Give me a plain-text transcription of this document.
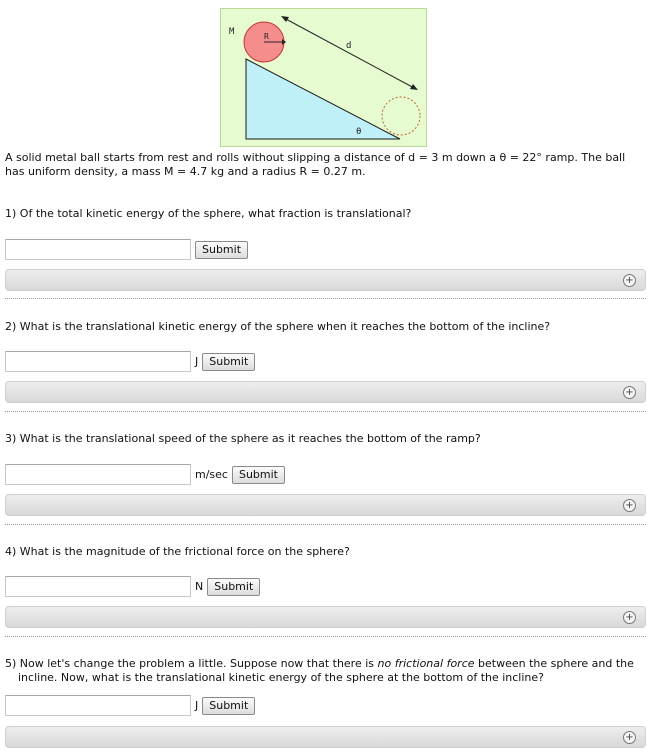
M	R
d
θ
A solid metal ball starts from rest and rolls without slipping a distance of d = 3 m down a θ = 22° ramp. The ball has uniform density, a mass M = 4.7 kg and a radius R = 0.27 m.
1) Of the total kinetic energy of the sphere, what fraction is translational?
Submit
+
2) What is the translational kinetic energy of the sphere when it reaches the bottom of the incline?
J	Submit
+
3) What is the translational speed of the sphere as it reaches the bottom of the ramp?
m/sec	Submit
+
4) What is the magnitude of the frictional force on the sphere?
N	Submit
+
5) Now let's change the problem a little. Suppose now that there is no frictional force between the sphere and the
incline. Now, what is the translational kinetic energy of the sphere at the bottom of the incline?
J	Submit
+
